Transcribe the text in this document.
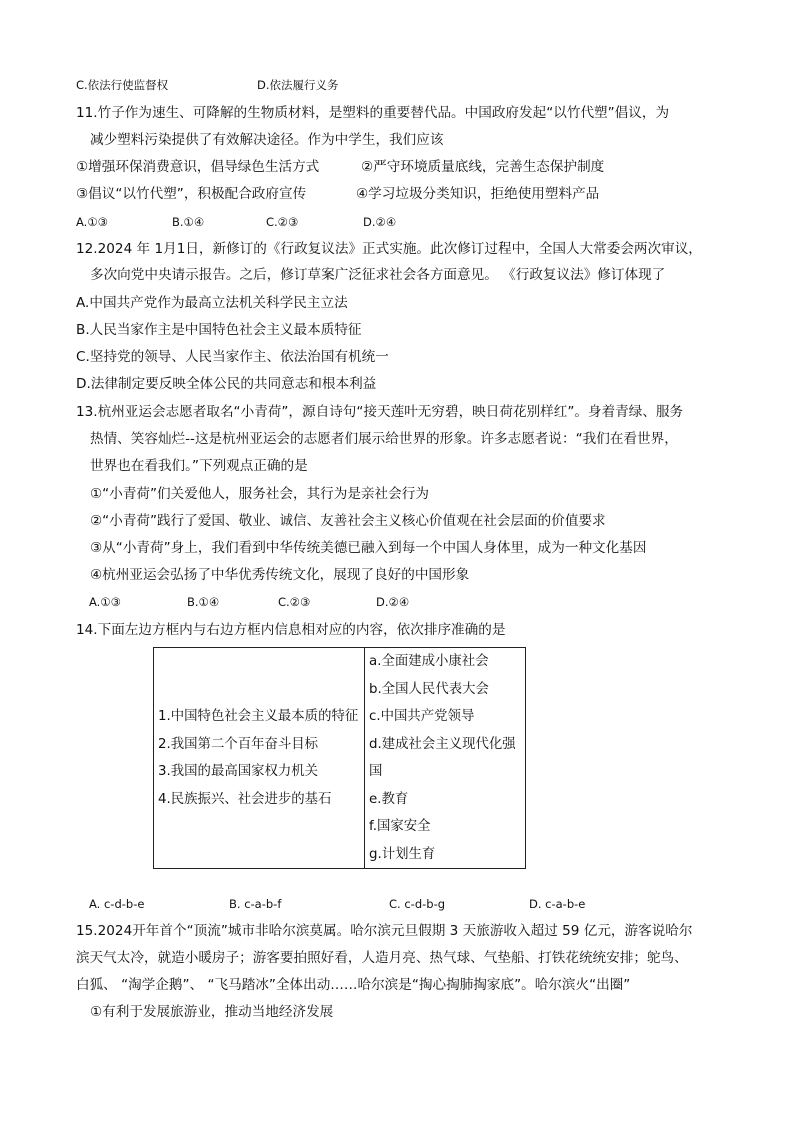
C.依法行使监督权	D.依法履行义务
11.竹子作为速生、可降解的生物质材料，是塑料的重要替代品。中国政府发起“以竹代塑”倡议，为
减少塑料污染提供了有效解决途径。作为中学生，我们应该
①增强环保消费意识，倡导绿色生活方式	②严守环境质量底线，完善生态保护制度
③倡议“以竹代塑”，积极配合政府宣传	④学习垃圾分类知识，拒绝使用塑料产品
A.①③	B.①④	C.②③	D.②④
12.2024 年 1月1日，新修订的《行政复议法》正式实施。此次修订过程中，全国人大常委会两次审议，
多次向党中央请示报告。之后，修订草案广泛征求社会各方面意见。 《行政复议法》修订体现了
A.中国共产党作为最高立法机关科学民主立法
B.人民当家作主是中国特色社会主义最本质特征
C.坚持党的领导、人民当家作主、依法治国有机统一
D.法律制定要反映全体公民的共同意志和根本利益
13.杭州亚运会志愿者取名“小青荷”，源自诗句“接天莲叶无穷碧，映日荷花别样红”。身着青绿、服务
热情、笑容灿烂--这是杭州亚运会的志愿者们展示给世界的形象。许多志愿者说：“我们在看世界，
世界也在看我们。”下列观点正确的是
①“小青荷”们关爱他人，服务社会，其行为是亲社会行为
②“小青荷”践行了爱国、敬业、诚信、友善社会主义核心价值观在社会层面的价值要求
③从“小青荷”身上，我们看到中华传统美德已融入到每一个中国人身体里，成为一种文化基因
④杭州亚运会弘扬了中华优秀传统文化，展现了良好的中国形象
A.①③	B.①④	C.②③	D.②④
14.下面左边方框内与右边方框内信息相对应的内容，依次排序准确的是
1.中国特色社会主义最本质的特征
2.我国第二个百年奋斗目标
3.我国的最高国家权力机关
4.民族振兴、社会进步的基石

a.全面建成小康社会
b.全国人民代表大会
c.中国共产党领导
d.建成社会主义现代化强国
e.教育
f.国家安全
g.计划生育
A. c-d-b-e	B. c-a-b-f	C. c-d-b-g	D. c-a-b-e
15.2024开年首个“顶流”城市非哈尔滨莫属。哈尔滨元旦假期 3 天旅游收入超过 59 亿元，游客说哈尔
滨天气太冷，就造小暖房子；游客要拍照好看，人造月亮、热气球、气垫船、打铁花统统安排；鸵鸟、
白狐、 “淘学企鹅”、 “飞马踏冰”全体出动……哈尔滨是“掏心掏肺掏家底”。哈尔滨火“出圈”
①有利于发展旅游业，推动当地经济发展
